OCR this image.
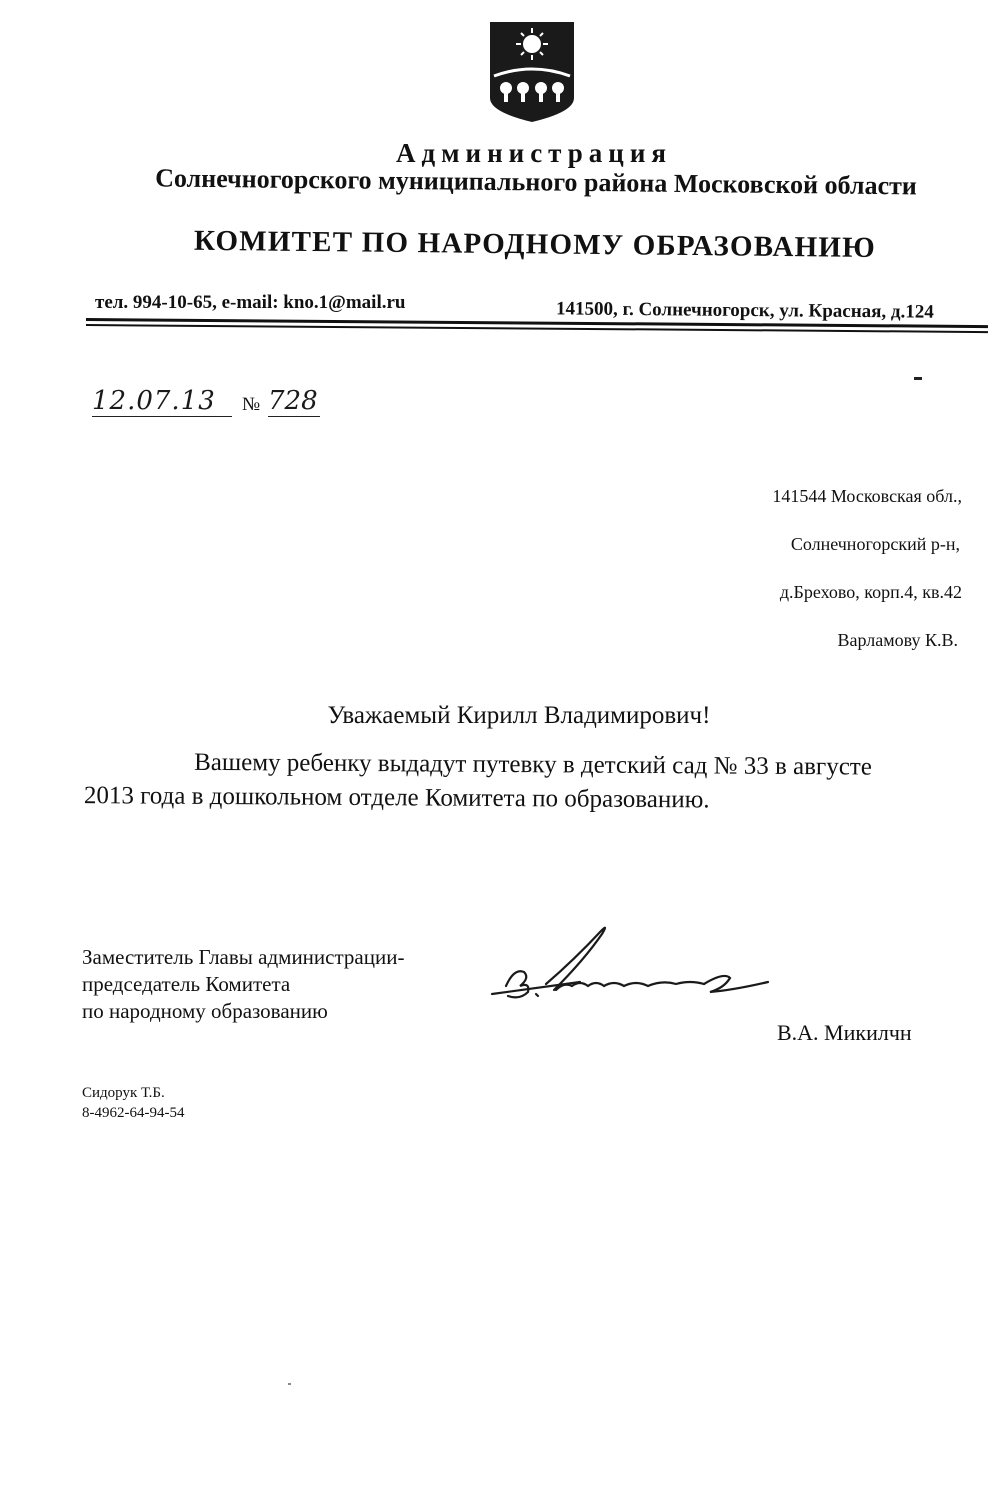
Администрация
Солнечногорского муниципального района Московской области
КОМИТЕТ ПО НАРОДНОМУ ОБРАЗОВАНИЮ
тел. 994-10-65, e-mail: kno.1@mail.ru	141500, г. Солнечногорск, ул. Красная, д.124
12.07.13	№ 728
141544 Московская обл.,
Солнечногорский р-н,
д.Брехово, корп.4, кв.42
Варламову К.В.
Уважаемый Кирилл Владимирович!
Вашему ребенку выдадут путевку в детский сад № 33 в августе 2013 года в дошкольном отделе Комитета по образованию.
Заместитель Главы администрации-
председатель Комитета
по народному образованию
В.А. Микилчн
Сидорук Т.Б.
8-4962-64-94-54
